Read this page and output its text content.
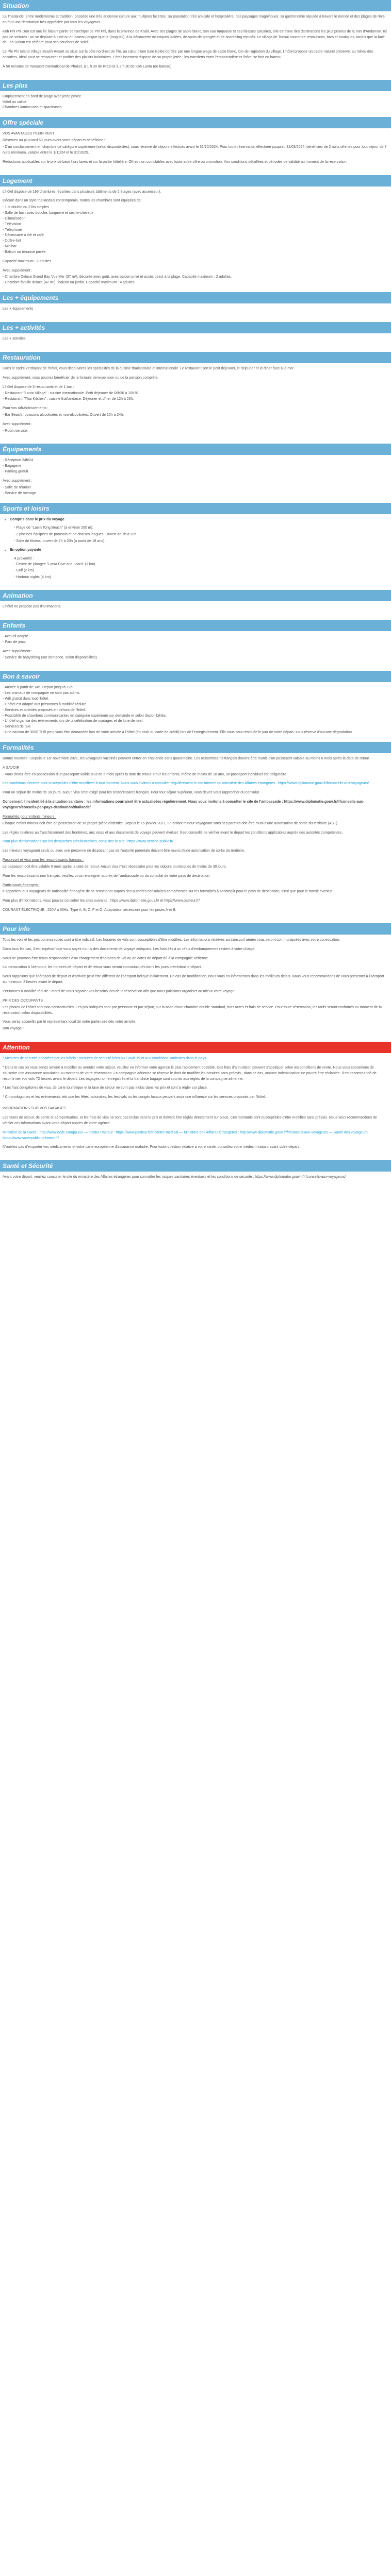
Situation

La Thaïlande, entre modernisme et tradition, possède une très ancienne culture aux multiples facettes. Sa population très amicale et hospitalière, des paysages magnifiques, sa gastronomie réputée à travers le monde et des plages de rêve en font une destination très appréciée par tous les voyageurs.

Koh Phi Phi Don est une île faisant partie de l'archipel de Phi Phi, dans la province de Krabi. Avec ses plages de sable blanc, son eau turquoise et ses falaises calcaires, elle est l'une des destinations les plus prisées de la mer d'Andaman. Ici pas de voitures : on se déplace à pied ou en bateau longue-queue (long tail), à la découverte de criques isolées, de spots de plongée et de snorkeling réputés. Le village de Tonsai concentre restaurants, bars et boutiques, tandis que la baie de Loh Dalum est célèbre pour ses couchers de soleil.

Le Phi Phi Island Village Beach Resort se situe sur la côte nord-est de l'île, au cœur d'une baie isolée bordée par une longue plage de sable blanc, loin de l'agitation du village. L'hôtel propose un cadre naturel préservé, au milieu des cocotiers, idéal pour se ressourcer et profiter des plaisirs balnéaires. L'établissement dispose de sa propre jetée ; les transferts entre l'embarcadère et l'hôtel se font en bateau.

À 50 minutes de transport international de Phuket, à 1 h 30 de Krabi et à 2 h 30 de Koh Lanta (en bateau).

Les plus
Emplacement en bord de plage avec jetée privée
Hôtel au calme
Chambres lumineuses et spacieuses
Offre spéciale

VOS AVANTAGES PLEIN VENT

Réservez au plus tard 60 jours avant votre départ et bénéficiez :

- D'un surclassement en chambre de catégorie supérieure (selon disponibilités), sous réserve de séjours effectués avant le 31/10/2024. Pour toute réservation effectuée jusqu'au 31/03/2024, bénéficiez de 2 nuits offertes pour tout séjour de 7 nuits minimum, valable entre le 1/11/24 et le 31/10/25.

Réductions applicables sur le prix de base hors taxes et sur la partie hôtelière. Offres non cumulables avec toute autre offre ou promotion. Voir conditions détaillées et périodes de validité au moment de la réservation.

Logement

L'hôtel dispose de 196 chambres réparties dans plusieurs bâtiments de 2 étages (avec ascenseur).

Décoré dans un style thaïlandais contemporain, toutes les chambres sont équipées de :

- 1 lit double ou 2 lits simples
- Salle de bain avec douche, baignoire et sèche-cheveux
- Climatisation
- Télévision
- Téléphone
- Nécessaire à thé et café
- Coffre-fort
- Minibar
- Balcon ou terrasse privée

Capacité maximum : 2 adultes.

Avec supplément :

- Chambre Deluxe Grand Bay Vue Mer (37 m²), décorée avec goût, avec balcon privé et accès direct à la plage. Capacité maximum : 2 adultes.
- Chambre famille deluxe (42 m²) : balcon ou jardin. Capacité maximum : 4 adultes.
Les + équipements

Les + équipements

Les + activités

Les + activités

Restauration

Dans le cadre verdoyant de l'hôtel, vous découvrirez les spécialités de la cuisine thaïlandaise et internationale. Le restaurant sert le petit déjeuner, le déjeuner et le dîner face à la mer.

Avec supplément, vous pourrez bénéficier de la formule demi-pension ou de la pension complète.

L'hôtel dispose de 3 restaurants et de 1 bar :

- Restaurant "Lanta Village" : cuisine internationale. Petit déjeuner de 06h30 à 10h30.
- Restaurant "Thai Kitchen" : cuisine thaïlandaise. Déjeuner et dîner de 12h à 23h.

Pour vos rafraîchissements :

- Bar Beach : boissons alcoolisées et non-alcoolisées. Ouvert de 10h à 24h.

Avec supplément :

- Room service.

Équipements
- Réception 24h/24
- Bagagerie
- Parking gratuit

Avec supplément :

- Salle de réunion
- Service de ménage
Sports et loisirs
• Compris dans le prix du voyage
- Plage de "Laem Tong Beach" (à environ 200 m).
- 2 piscines équipées de parasols et de chaises longues. Ouvert de 7h à 20h.
- Salle de fitness, ouvert de 7h à 20h (à partir de 18 ans).
• En option payante
A proximité :
- Centre de plongée "Lanta Dive and Learn" (1 km).
- Golf (2 km).
- Harbour sights (4 km).
Animation

L'hôtel ne propose pas d'animations.

Enfants
- Accueil adapté.
- Parc de jeux.

Avec supplément :

- Service de babysitting (sur demande, selon disponibilités).

Bon à savoir
- Arrivée à partir de 14h. Départ jusqu'à 12h.
- Les animaux de compagnie ne sont pas admis.
- Wifi gratuit dans tout l'hôtel.
- L'hôtel est adapté aux personnes à mobilité réduite.
- Services et activités proposés en dehors de l'hôtel.
- Possibilité de chambres communicantes en catégorie supérieure sur demande et selon disponibilités.
- L'hôtel organise des événements lors de la célébration de mariages et de lune de miel.
- Services de taxi.
- Une caution de 3000 THB peut vous être demandée lors de votre arrivée à l'hôtel (en cash ou carte de crédit) lors de l'enregistrement. Elle vous sera restituée le jour de votre départ, sous réserve d'aucune dégradation.
Formalités

Bonne nouvelle ! Depuis le 1er novembre 2021, les voyageurs vaccinés peuvent entrer en Thaïlande sans quarantaine. Les ressortissants français doivent être munis d'un passeport valable au moins 6 mois après la date de retour.

À SAVOIR

- Vous devez être en possession d'un passeport valide plus de 6 mois après la date de retour. Pour les enfants, même de moins de 18 ans, un passeport individuel est obligatoire.

Les conditions d'entrée sont susceptibles d'être modifiées à tout moment. Nous vous invitons à consulter régulièrement le site internet du ministère des Affaires étrangères : https://www.diplomatie.gouv.fr/fr/conseils-aux-voyageurs/

Pour un séjour de moins de 30 jours, aucun visa n'est exigé pour les ressortissants français. Pour tout séjour supérieur, vous devez vous rapprocher du consulat.

Concernant l'incident lié à la situation sanitaire : les informations pourraient être actualisées régulièrement. Nous vous invitons à consulter le site de l'ambassade : https://www.diplomatie.gouv.fr/fr/conseils-aux-voyageurs/conseils-par-pays-destination/thailande/

Formalités pour enfants mineurs :

Chaque enfant mineur doit être en possession de sa propre pièce d'identité. Depuis le 15 janvier 2017, un enfant mineur voyageant sans ses parents doit être muni d'une autorisation de sortie du territoire (AST).

Les règles relatives au franchissement des frontières, aux visas et aux documents de voyage peuvent évoluer. Il est conseillé de vérifier avant le départ les conditions applicables auprès des autorités compétentes.

Pour plus d'informations sur les démarches administratives, consultez le site : https://www.service-public.fr/

Les mineurs voyageant seuls ou avec une personne ne disposant pas de l'autorité parentale doivent être munis d'une autorisation de sortie du territoire.

Passeport et Visa pour les ressortissants français :

Le passeport doit être valable 6 mois après la date de retour. Aucun visa n'est nécessaire pour les séjours touristiques de moins de 30 jours.

Pour les ressortissants non français, veuillez vous renseigner auprès de l'ambassade ou du consulat de votre pays de destination.

Participants étrangers :

Il appartient aux voyageurs de nationalité étrangère de se renseigner auprès des autorités consulaires compétentes sur les formalités à accomplir pour le pays de destination, ainsi que pour le transit éventuel.

Pour plus d'informations, vous pouvez consulter les sites suivants : https://www.diplomatie.gouv.fr/ et https://www.pasteur.fr/

COURANT ÉLECTRIQUE : 220V à 50Hz. Type A, B, C, F et O. Adaptateur nécessaire pour les prises A et B.

Pour info

Tous les vols et les prix communiqués sont à titre indicatif. Les horaires de vols sont susceptibles d'être modifiés. Les informations relatives au transport aérien vous seront communiquées avec votre convocation.

Dans tous les cas, il est impératif que vous soyez munis des documents de voyage adéquats. Les frais liés à un refus d'embarquement restent à votre charge.

Nous ne pouvons être tenus responsables d'un changement d'horaires de vol ou de dates de départ dû à la compagnie aérienne.

La convocation à l'aéroport, les horaires de départ et de retour vous seront communiqués dans les jours précédant le départ.

Nous rappelons que l'aéroport de départ et d'arrivée peut être différent de l'aéroport indiqué initialement. En cas de modification, nous vous en informerons dans les meilleurs délais. Nous vous recommandons de vous présenter à l'aéroport au minimum 3 heures avant le départ.

Personnes à mobilité réduite : merci de nous signaler vos besoins lors de la réservation afin que nous puissions organiser au mieux votre voyage.

PRIX DES OCCUPANTS

Les photos de l'hôtel sont non contractuelles. Les prix indiqués sont par personne et par séjour, sur la base d'une chambre double standard, hors taxes et frais de service. Pour toute réservation, les tarifs seront confirmés au moment de la réservation selon disponibilités.

Vous serez accueillis par le représentant local de notre partenaire dès votre arrivée.

Bon voyage !

Attention

* Mesures de sécurité adoptées par les hôtels : mesures de sécurité liées au Covid-19 et aux conditions sanitaires dans le pays.

* Dans le cas où vous seriez amené à modifier ou annuler votre séjour, veuillez en informer votre agence le plus rapidement possible. Des frais d'annulation peuvent s'appliquer selon les conditions de vente. Nous vous conseillons de souscrire une assurance annulation au moment de votre réservation. La compagnie aérienne se réserve le droit de modifier les horaires sans préavis ; dans ce cas, aucune indemnisation ne pourra être réclamée. Il est recommandé de reconfirmer vos vols 72 heures avant le départ. Les bagages non enregistrés et la franchise bagage sont soumis aux règles de la compagnie aérienne.

* Les frais obligatoires de visa, de carte touristique et la taxe de séjour ne sont pas inclus dans les prix et sont à régler sur place.

* Chronologiques et les événements tels que les fêtes nationales, les festivals ou les congés locaux peuvent avoir une influence sur les services proposés par l'hôtel.

INFORMATIONS SUR VOS BAGAGES

Les taxes de séjour, de sortie et aéroportuaires, et les frais de visa ne sont pas inclus dans le prix et doivent être réglés directement sur place. Ces montants sont susceptibles d'être modifiés sans préavis. Nous vous recommandons de vérifier ces informations avant votre départ auprès de votre agence.

Ministère de la Santé : http://www.ecdc.europa.eu/ — Institut Pasteur : https://www.pasteur.fr/fr/centre-medical — Ministère des Affaires Étrangères : http://www.diplomatie.gouv.fr/fr/conseils-aux-voyageurs — Santé des voyageurs : https://www.santepubliquefrance.fr/

N'oubliez pas d'emporter vos médicaments et votre carte européenne d'assurance maladie. Pour toute question relative à votre santé, consultez votre médecin traitant avant votre départ.

Santé et Sécurité

Avant votre départ, veuillez consulter le site du ministère des Affaires étrangères pour connaître les risques sanitaires éventuels et les conditions de sécurité : https://www.diplomatie.gouv.fr/fr/conseils-aux-voyageurs/
